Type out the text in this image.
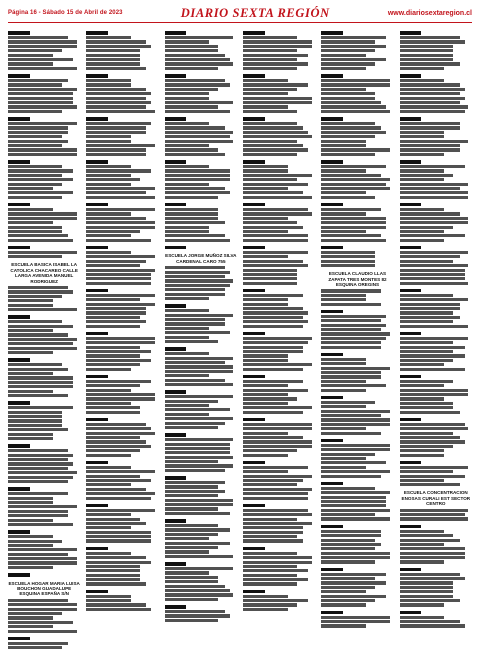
Página 16 - Sábado 15 de Abril de 2023	DIARIO SEXTA REGIÓN	www.diariosextaregion.cl
ESCUELA BASICA ISABEL LA CATOLICA CHACAREO CALLE LARGA AVENIDA MANUEL RODRIGUEZ
ESCUELA HOGAR MARIA LUISA BOUCHON GUADALUPE ESQUINA ESPAÑA S/N
ESCUELA JORGE MUÑOZ SILVA CARDENAL CARO 755
ESCUELA CLAUDIO LLAS ZAPATA TRES MONTES 82 ESQUINA OREGINS
ESCUELA CONCENTRACION ENOSAS CURALI EST SECTOR CENTRO
